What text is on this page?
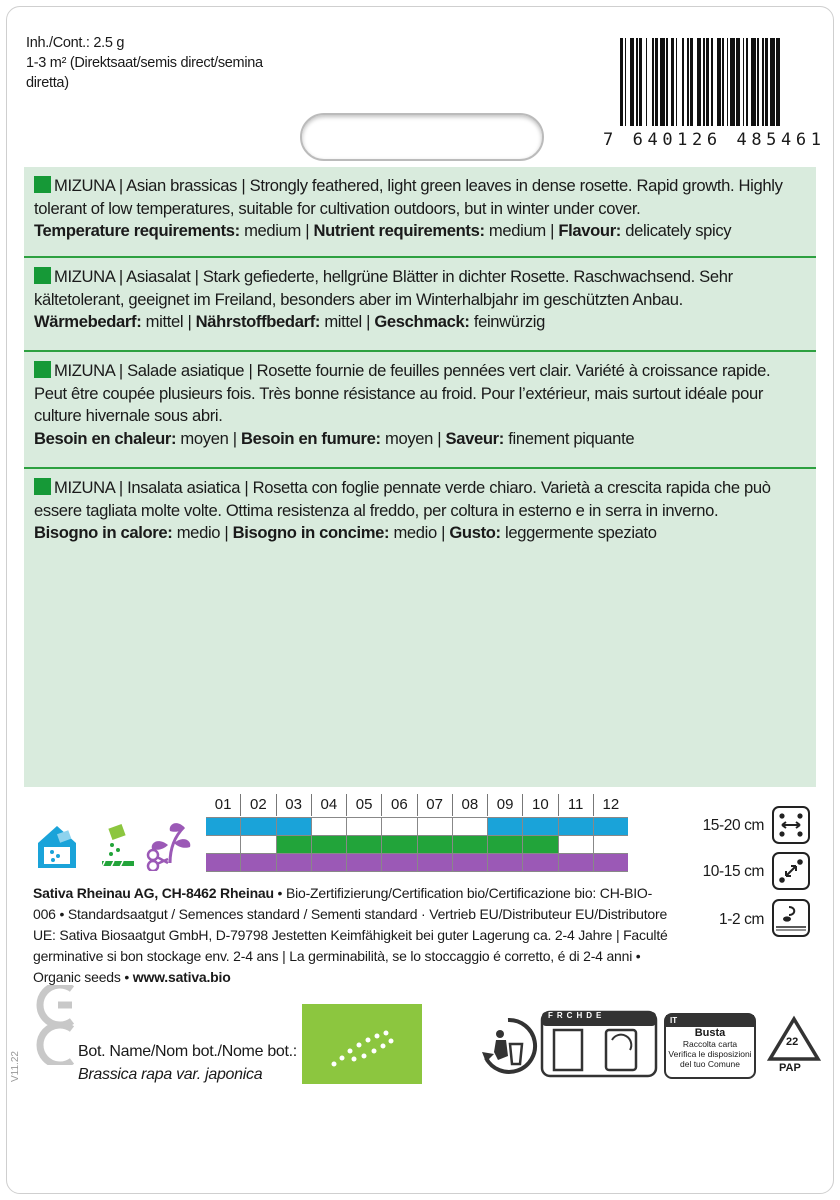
Inh./Cont.: 2.5 g
1-3 m² (Direktsaat/semis direct/semina
diretta)
7 640126 485461
MIZUNA | Asian brassicas | Strongly feathered, light green leaves in dense rosette. Rapid growth. Highly tolerant of low temperatures, suitable for cultivation outdoors, but in winter under cover.
Temperature requirements: medium | Nutrient requirements: medium | Flavour: delicately spicy
MIZUNA | Asiasalat | Stark gefiederte, hellgrüne Blätter in dichter Rosette. Raschwachsend. Sehr kältetolerant, geeignet im Freiland, besonders aber im Winterhalbjahr im geschützten Anbau.
Wärmebedarf: mittel | Nährstoffbedarf: mittel | Geschmack: feinwürzig
MIZUNA | Salade asiatique | Rosette fournie de feuilles pennées vert clair. Variété à croissance rapide. Peut être coupée plusieurs fois. Très bonne résistance au froid. Pour l’extérieur, mais surtout idéale pour culture hivernale sous abri.
Besoin en chaleur: moyen | Besoin en fumure: moyen | Saveur: finement piquante
MIZUNA | Insalata asiatica | Rosetta con foglie pennate verde chiaro. Varietà a crescita rapida che può essere tagliata molte volte. Ottima resistenza al freddo, per coltura in esterno e in serra in inverno.
Bisogno in calore: medio | Bisogno in concime: medio | Gusto: leggermente speziato
01	02	03	04	05	06	07	08	09	10	11	12
15-20 cm
10-15 cm
1-2 cm
Sativa Rheinau AG, CH-8462 Rheinau • Bio-Zertifizierung/Certification bio/Certificazione bio: CH-BIO-006 • Standardsaatgut / Semences standard / Sementi standard · Vertrieb EU/Distributeur EU/Distributore UE: Sativa Biosaatgut GmbH, D-79798 Jestetten Keimfähigkeit bei guter Lagerung ca. 2-4 Jahre | Faculté germinative si bon stockage env. 2-4 ans | La germinabilità, se lo stoccaggio é corretto, é di 2-4 anni • Organic seeds • www.sativa.bio
V11.22	Bot. Name/Nom bot./Nome bot.:
Brassica rapa var. japonica
FRCHDE
IT
Busta
Raccolta carta Verifica le disposizioni del tuo Comune
22
PAP
